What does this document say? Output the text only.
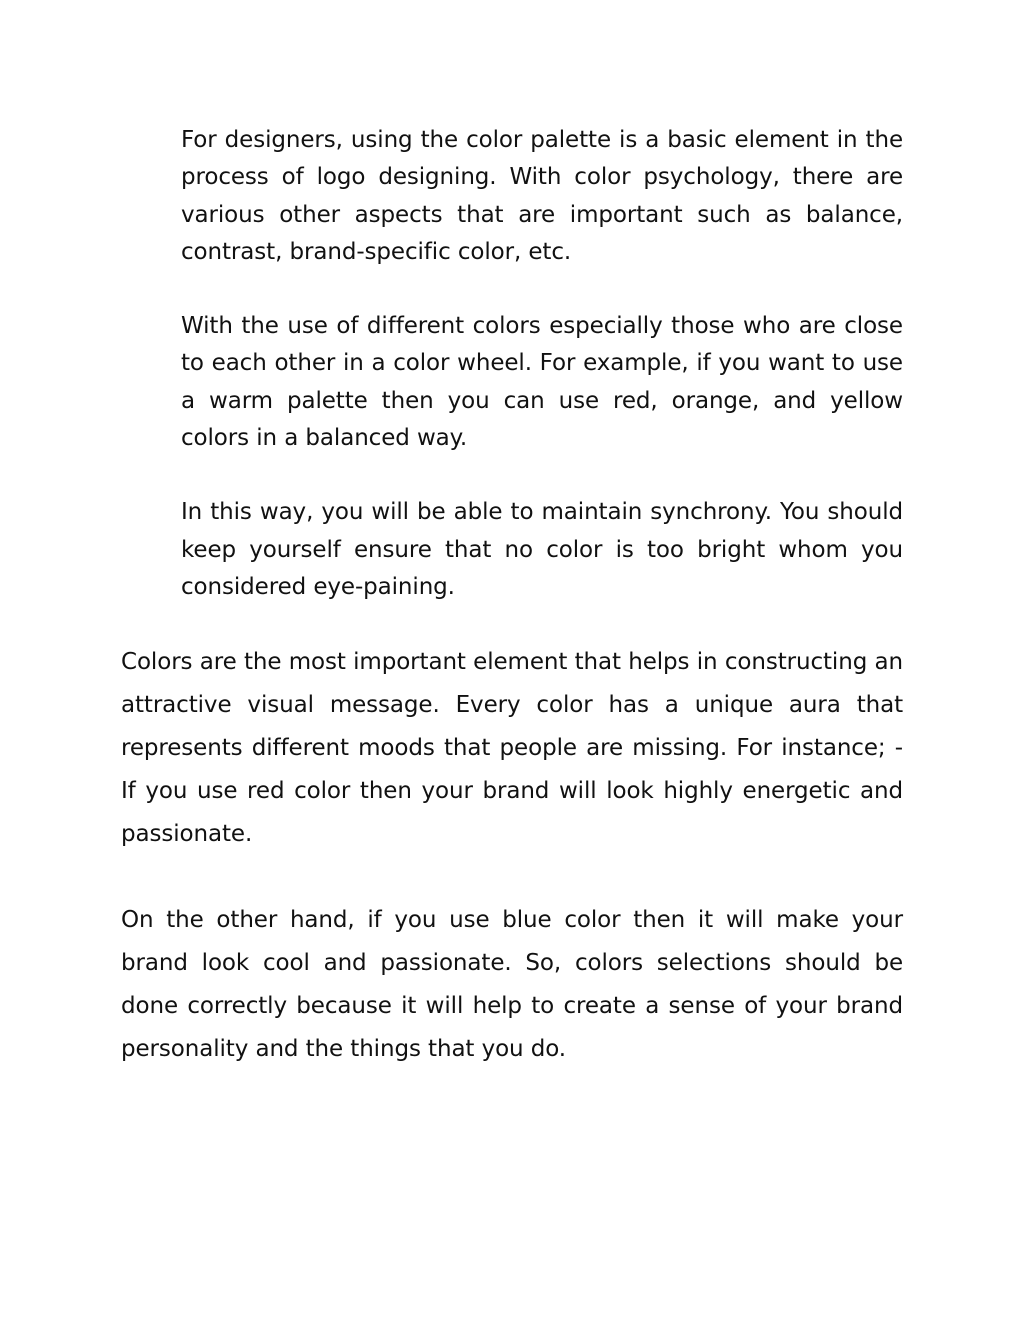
For designers, using the color palette is a basic element in the process of logo designing. With color psychology, there are various other aspects that are important such as balance, contrast, brand-specific color, etc.

With the use of different colors especially those who are close to each other in a color wheel. For example, if you want to use a warm palette then you can use red, orange, and yellow colors in a balanced way.

In this way, you will be able to maintain synchrony. You should keep yourself ensure that no color is too bright whom you considered eye-paining.

Colors are the most important element that helps in constructing an attractive visual message. Every color has a unique aura that represents different moods that people are missing. For instance; - If you use red color then your brand will look highly energetic and passionate.

On the other hand, if you use blue color then it will make your brand look cool and passionate. So, colors selections should be done correctly because it will help to create a sense of your brand personality and the things that you do.
